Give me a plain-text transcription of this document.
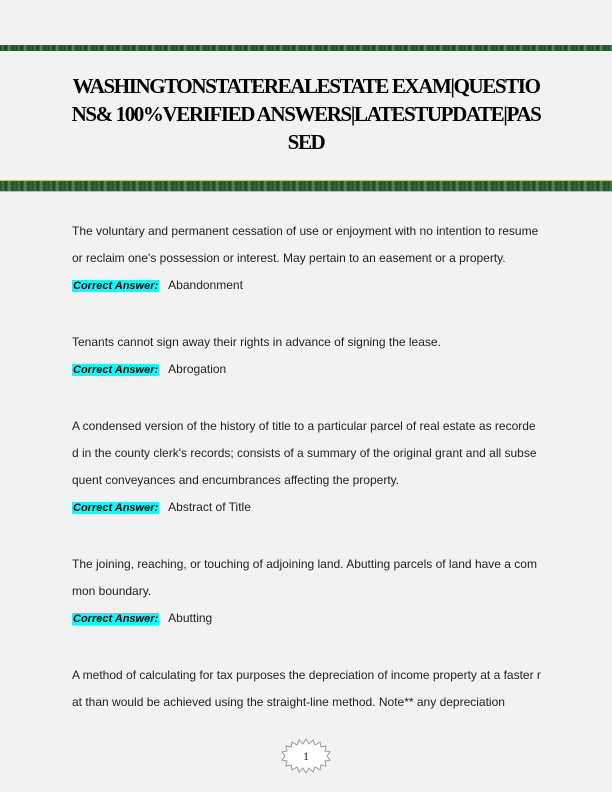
WASHINGTONSTATEREALESTATE EXAM|QUESTIONS& 100%VERIFIED ANSWERS|LATESTUPDATE|PASSED

The voluntary and permanent cessation of use or enjoyment with no intention to resume or reclaim one's possession or interest. May pertain to an easement or a property.

Correct Answer: Abandonment

Tenants cannot sign away their rights in advance of signing the lease.

Correct Answer: Abrogation

A condensed version of the history of title to a particular parcel of real estate as recorded in the county clerk's records; consists of a summary of the original grant and all subsequent conveyances and encumbrances affecting the property.

Correct Answer: Abstract of Title

The joining, reaching, or touching of adjoining land. Abutting parcels of land have a common boundary.

Correct Answer: Abutting

A method of calculating for tax purposes the depreciation of income property at a faster rat than would be achieved using the straight-line method. Note** any depreciation

1
